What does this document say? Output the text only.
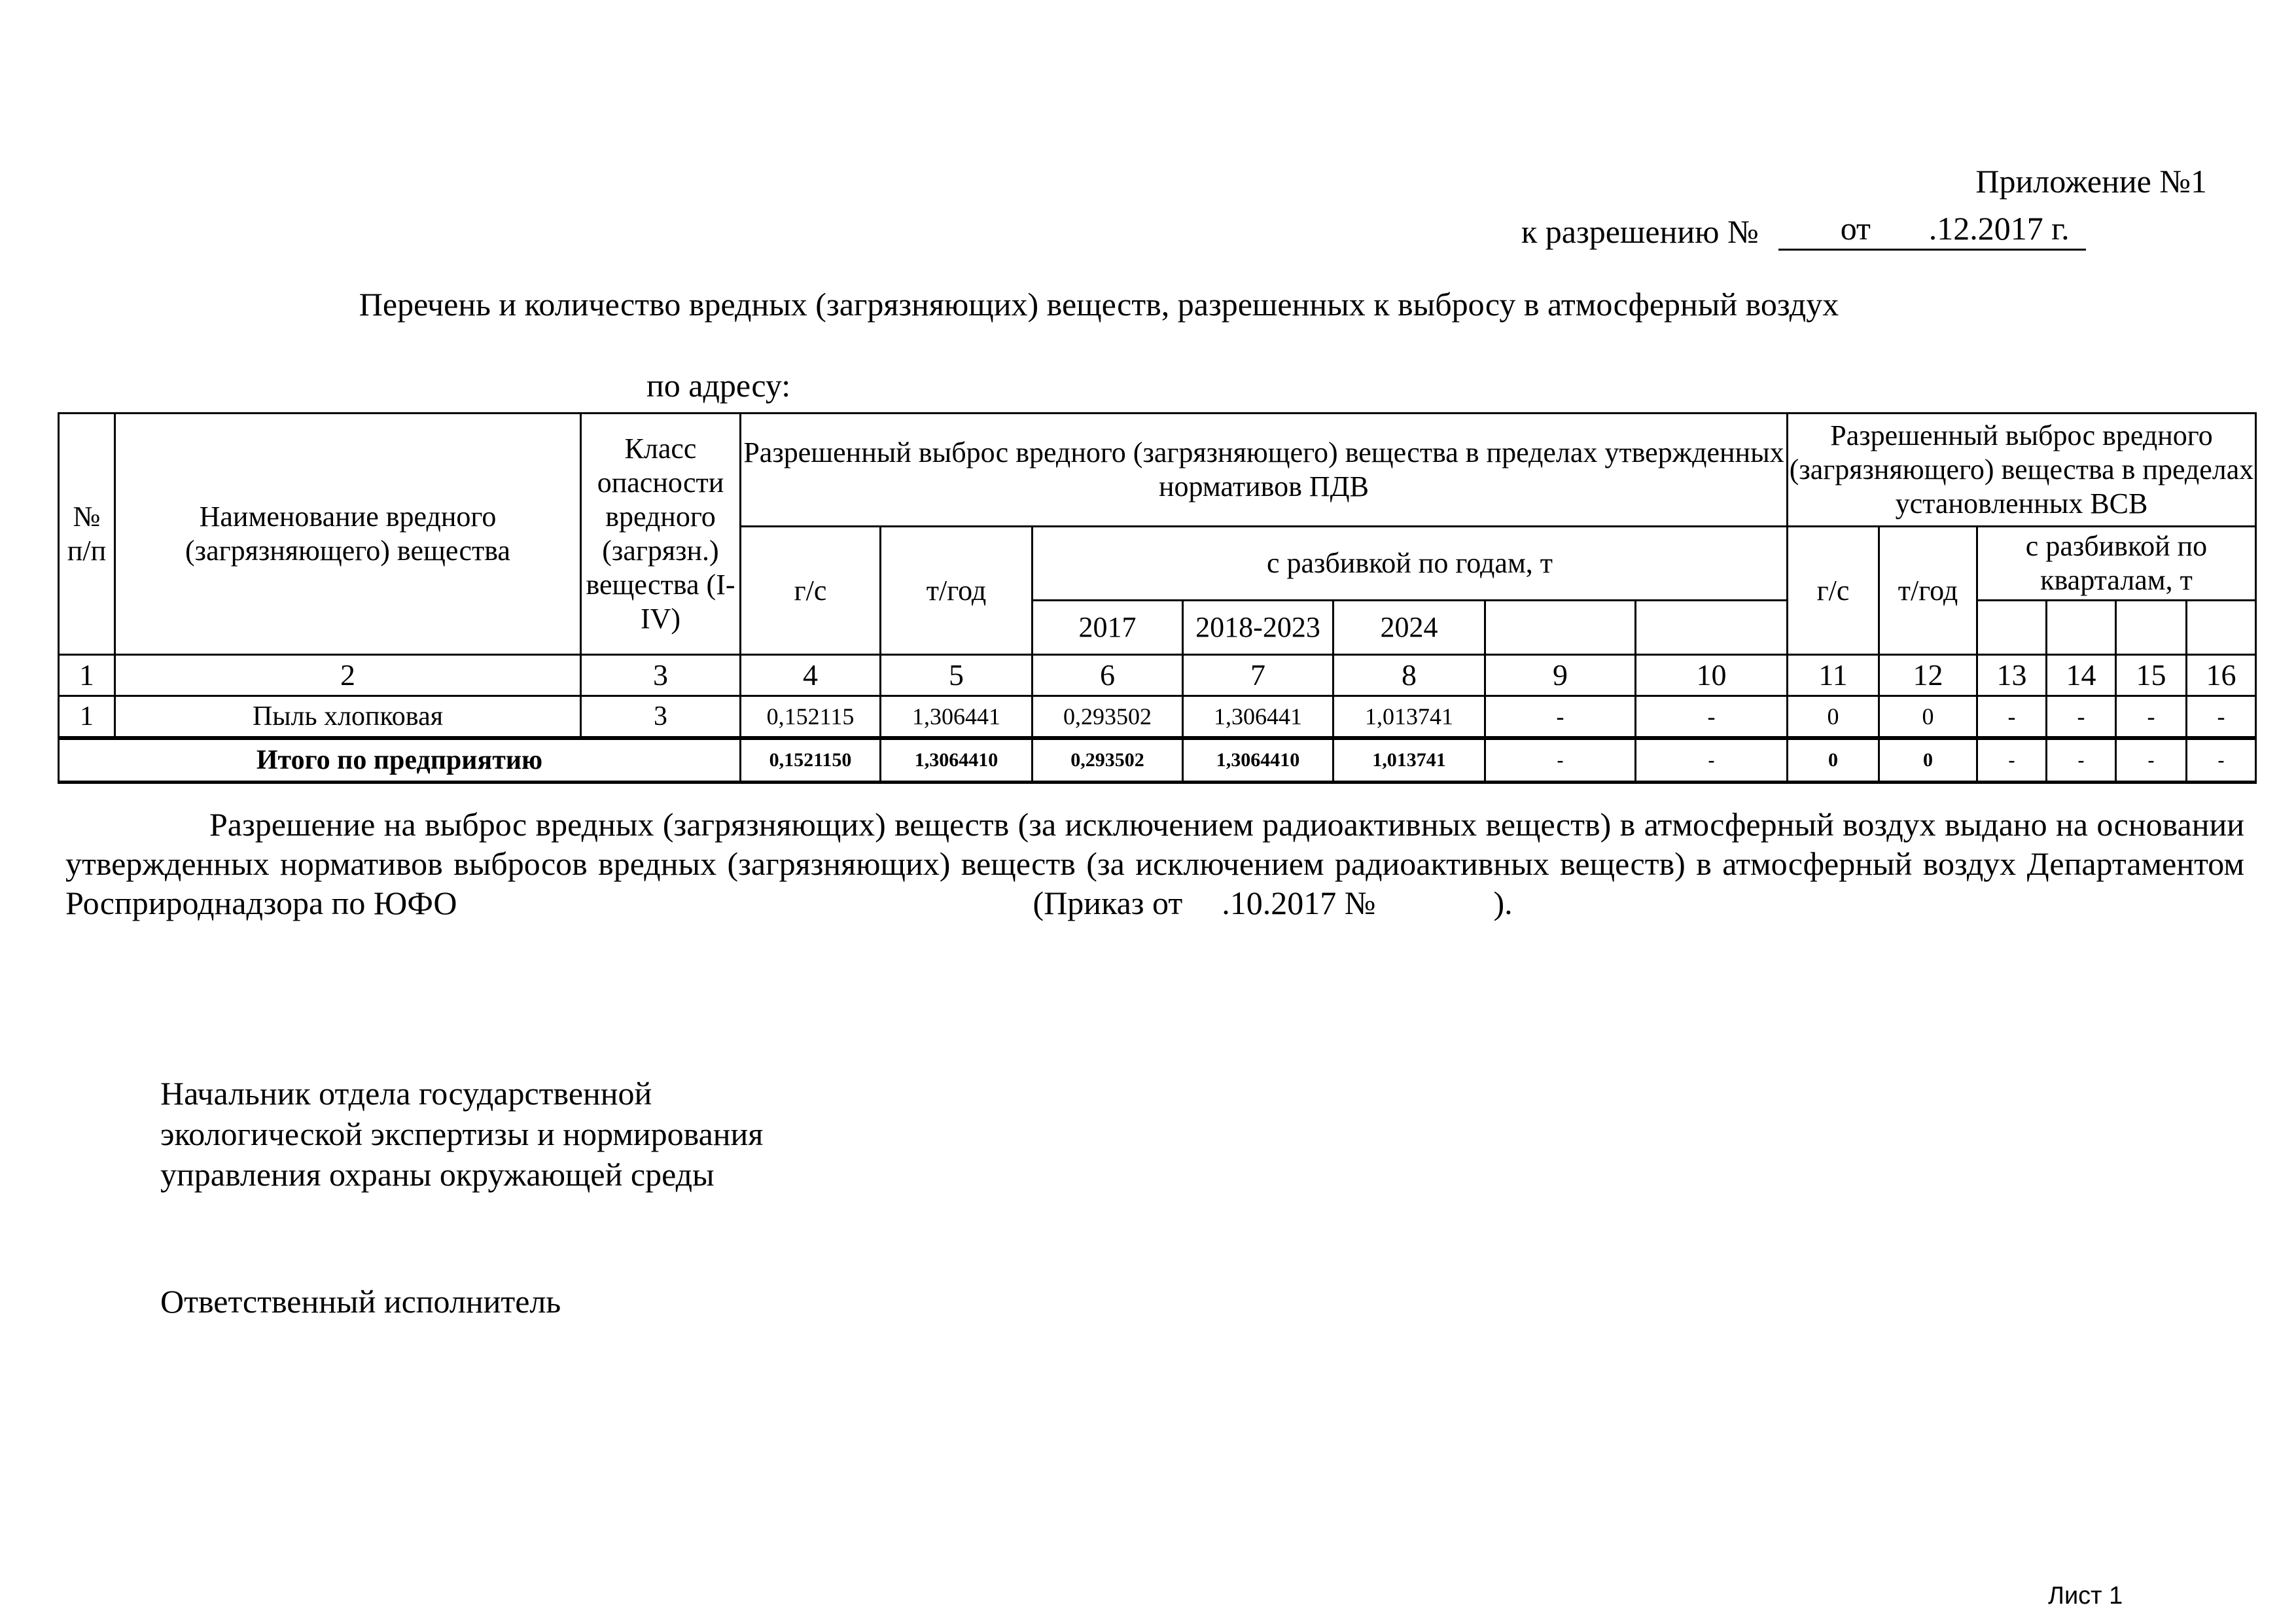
Приложение №1
к разрешению №	от .12.2017 г.
Перечень и количество вредных (загрязняющих) веществ, разрешенных к выбросу в атмосферный воздух
по адресу:
№ п/п	Наименование вредного (загрязняющего) вещества	Класс опасности вредного (загрязн.) вещества (I-IV)	Разрешенный выброс вредного (загрязняющего) вещества в пределах утвержденных нормативов ПДВ							Разрешенный выброс вредного (загрязняющего) вещества в пределах установленных ВСВ					
			г/с	т/год	с разбивкой по годам, т					г/с	т/год	с разбивкой по кварталам, т			
					2017	2018-2023	2024								
1	2	3	4	5	6	7	8	9	10	11	12	13	14	15	16
1	Пыль хлопковая	3	0,152115	1,306441	0,293502	1,306441	1,013741	-	-	0	0	-	-	-	-
Итого по предприятию			0,1521150	1,3064410	0,293502	1,3064410	1,013741	-	-	0	0	-	-	-	-
Разрешение на выброс вредных (загрязняющих) веществ (за исключением радиоактивных веществ) в атмосферный воздух выдано на основании утвержденных нормативов выбросов вредных (загрязняющих) веществ (за исключением радиоактивных веществ) в атмосферный воздух Департаментом Росприроднадзора по ЮФО	(Приказ от .10.2017 №	).
Начальник отдела государственной
экологической экспертизы и нормирования
управления охраны окружающей среды
Ответственный исполнитель
Лист 1
